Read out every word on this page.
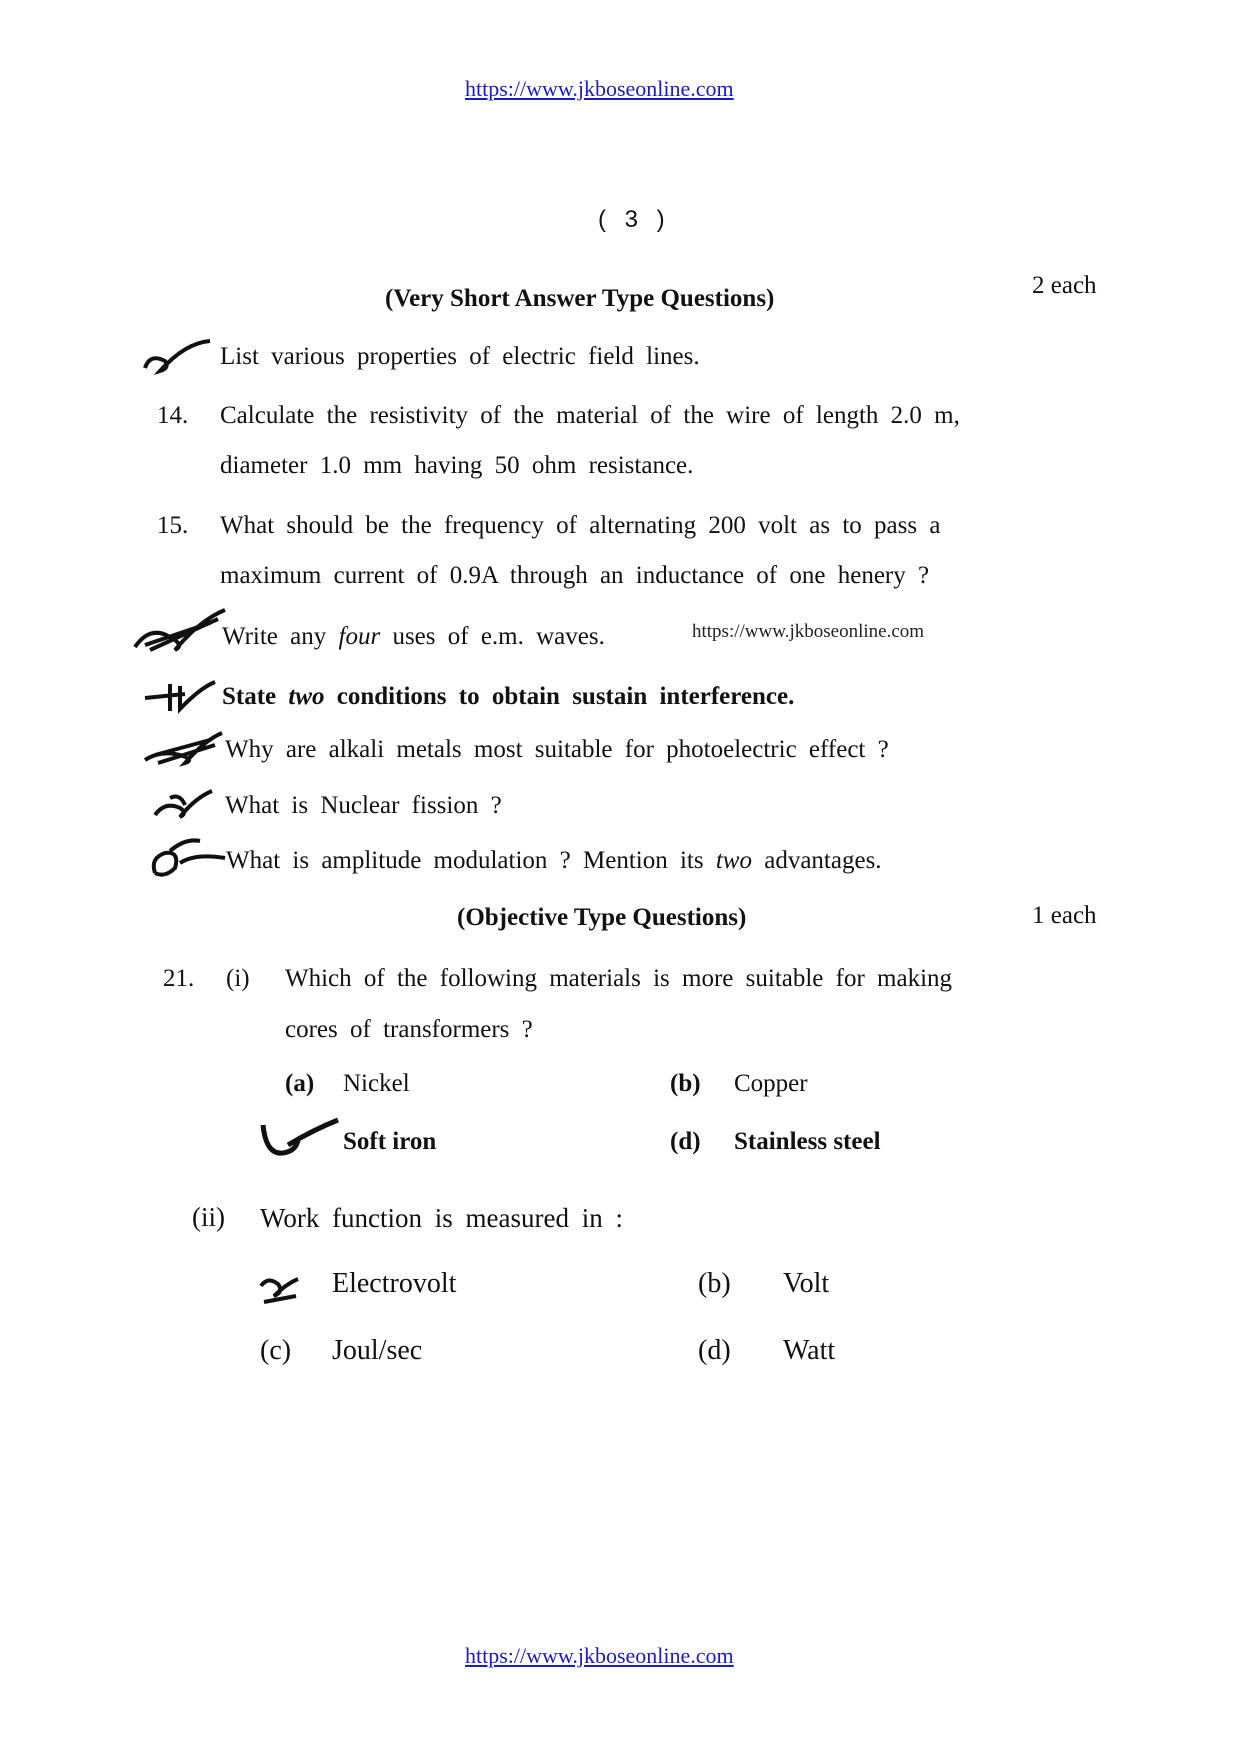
https://www.jkboseonline.com
( 3 )
(Very Short Answer Type Questions)	2 each
List various properties of electric field lines.
14. Calculate the resistivity of the material of the wire of length 2.0 m,
diameter 1.0 mm having 50 ohm resistance.
15. What should be the frequency of alternating 200 volt as to pass a
maximum current of 0.9A through an inductance of one henery ?
Write any four uses of e.m. waves.	https://www.jkboseonline.com
State two conditions to obtain sustain interference.
Why are alkali metals most suitable for photoelectric effect ?
What is Nuclear fission ?
What is amplitude modulation ? Mention its two advantages.
(Objective Type Questions)	1 each
21. (i) Which of the following materials is more suitable for making
cores of transformers ?
(a) Nickel	(b) Copper
Soft iron	(d) Stainless steel
(ii) Work function is measured in :
Electrovolt	(b) Volt
(c) Joul/sec	(d) Watt
https://www.jkboseonline.com
